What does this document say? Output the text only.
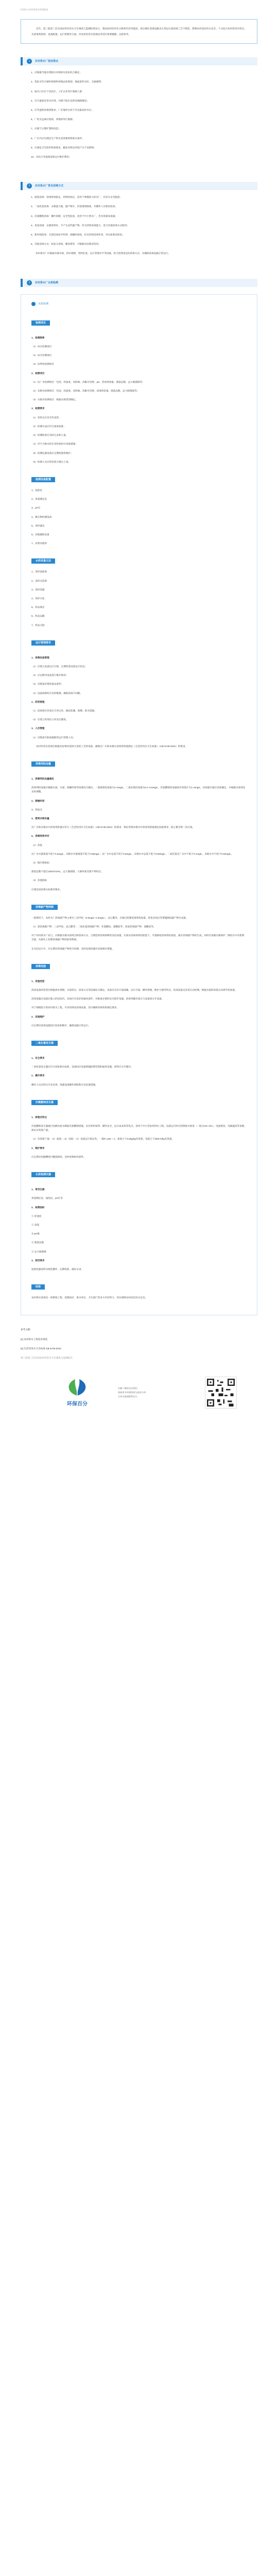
饮用水 | 农村饮用水消毒技术

近年，第三轮第三次全国农村饮用水卫生调查与监测结果显示，我国农村饮用水合格率仍有待提高，部分地区消毒设施未正常运行或消毒工艺不规范，影响农村居民饮水安全。下文结合农村饮用水特点，从消毒剂选择、设备配置、运行管理等方面，对农村饮用水消毒技术进行简要梳理，以供参考。

1	农村供水厂选址要点

1、应根据当地水资源分布和供水需求综合确定；

2、选址应符合城乡规划和村镇总体规划，地质条件良好，交通便利；

3、取水口应位于居民区、工矿企业等污染源上游；

4、应尽量靠近用水区域，并便于取水及供电线路铺设；

5、应考虑防洪排涝要求，厂区地坪应高于历史最高洪水位；

6、厂址应远离垃圾场、养殖场等污染源；

7、应便于后期扩建和改造；

8、厂区内应有满足生产和生活需要的给排水条件；

9、应满足卫生防护距离要求，避免对周边环境产生不良影响；

10、应综合考虑建设和运行维护费用。

2	农村供水厂常见消毒方式

1、液氯消毒：消毒效果稳定，持续时间长，适用于规模较大的水厂，但存在安全隐患；

2、二氧化氯消毒：杀菌能力强，副产物少，但需现场制备，对操作人员要求较高；

3、次氯酸钠消毒：操作简便，安全性较高，适用于中小型水厂，但有效氯易衰减；

4、臭氧消毒：杀菌效果好，不产生卤代副产物，但无持续消毒能力，需与其他消毒方式联用；

5、紫外线消毒：无需投加化学药剂，接触时间短，但无持续消毒作用，对水质要求较高；

6、其他消毒方式：如复合消毒、膜处理等，可根据实际情况选用。

农村供水厂应根据水源水质、供水规模、管网长度、运行管理水平等因素，综合选择适宜的消毒方式，并确保消毒设施正常运行。

3	农村供水厂水质检测
水质检测
检测项目

1、检测频率

（1）每日检测项目

（2）每月检测项目

（3）每季度检测项目

2、检测项目

（1）出厂水检测项目：色度、浑浊度、臭和味、肉眼可见物、pH、消毒剂余量、菌落总数、总大肠菌群等；

（2）末梢水检测项目：色度、浑浊度、臭和味、肉眼可见物、消毒剂余量、菌落总数、总大肠菌群等；

（3）水源水检测项目：根据水源类型确定。

3、检测要求

（1）采样点应具有代表性；

（2）检测方法应符合国家标准；

（3）检测结果应及时记录和上报；

（4）对不合格水样应及时复检并采取措施；

（5）检测仪器设备应定期校准和维护；

（6）检测人员应经培训合格后上岗。

检测设备配置

1、浊度仪

2、余氯测定仪

3、pH计

4、微生物检测设备

5、采样器具

6、其他辅助设备

7、试剂及耗材

水样采集方法

1、采样前准备

2、采样点选择

3、采样容器

4、采样方法

5、样品保存

6、样品运输

7、样品交接

运行管理要求

1、消毒设备管理

（1）应建立设备运行台账，定期检查设备运行状态；

（2）应定期对设备进行维护保养；

（3）应配备必要的备品备件；

（4）设备故障时应及时维修，确保消毒不间断。

2、药剂管理

（1）消毒剂应存放在专用仓库，做好防潮、防晒、防火措施；

（2）应建立药剂出入库登记制度。

3、人员管理

（1）应配备专职或兼职的运行管理人员；

农村饮用水消毒应根据实际情况选择合适的工艺和设备，确保出厂水和末梢水消毒剂余量满足《生活饮用水卫生标准》（GB 5749-2022）的要求。

消毒剂投加量

1、消毒剂投加量确定

消毒剂投加量应根据水质、水量、接触时间等因素综合确定，一般液氯投加量为1~2mg/L，二氧化氯投加量为0.1~0.5mg/L，次氯酸钠投加量按有效氯计为1~2mg/L。投加量应通过试验确定，并根据水质变化及时调整。

2、接触时间

3、投加点

4、管网末梢余量

出厂水和末梢水中消毒剂余量应符合《生活饮用水卫生标准》（GB 5749-2022）的要求，保证管网末梢水中消毒剂余量满足标准要求，防止微生物二次污染。

5、消毒效果评价

（1）余氯

出厂水中游离氯不低于0.3mg/L，末梢水中游离氯不低于0.05mg/L；出厂水中总氯不低于0.5mg/L，末梢水中总氯不低于0.05mg/L；二氧化氯出厂水中不低于0.1mg/L，末梢水中不低于0.02mg/L。

（2）微生物指标

菌落总数不超过100CFU/mL，总大肠菌群、大肠埃希氏菌不得检出。

（3）其他指标

应满足国家相关标准的要求。

消毒副产物控制

一般情况下，农村水厂消毒副产物主要为三卤甲烷（0.5mg/L~1.0mg/L）、卤乙酸等，应通过控制消毒剂投加量、优化投加点等措施降低副产物生成量。

（1）氯消毒副产物：三卤甲烷、卤乙酸等；二氧化氯消毒副产物：亚氯酸盐、氯酸盐等；臭氧消毒副产物：溴酸盐等。

对于农村供水厂而言，应根据水源水质特点和消毒方式，合理选择消毒剂种类及投加量。在保证消毒效果的前提下，尽量降低消毒剂投加量，减少消毒副产物的生成。同时应加强水源保护，降低水中有机物含量，从源头上控制消毒副产物的前体物质。

在实际运行中，应定期对消毒副产物进行检测，及时发现问题并采取相应措施。

消毒设施

1、设施选型

消毒设备的选型应根据供水规模、水质特点、消毒方式等因素综合确定，设备应具有计量准确、运行可靠、操作简便、维护方便等特点。投加设备宜采用自动控制，根据水量和余氯自动调节投加量。

消毒设施应设置在独立的房间内，房间应有良好的通风条件，并配备必要的安全防护设施。消毒剂储存间应与设备间分开设置。

对于规模较小的农村供水工程，可采用简易消毒设备，但应确保消毒效果满足要求。

2、设施维护

应定期对消毒设施进行检查和维护，确保设施正常运行。

二氧化氯发生器

1、安全要求

二氧化氯发生器应符合国家相关标准，设备间应设置泄漏报警装置和通风设施，原料应分开储存。

2、操作要求

操作人员应经过专业培训，熟悉设备操作规程和应急处置措施。

次氯酸钠发生器

1、原理及特点

次氯酸钠发生器通过电解食盐水制取次氯酸钠溶液，具有原料易得、操作安全、运行成本低等优点，适用于中小型农村供水工程。设备运行时应控制盐水浓度（一般为3%~4%）、电流密度、电解温度等参数，保证有效氯产量。

（1）有效氯产量；（2）盐耗；（3）电耗；（4）设备运行稳定性。一般P=100 ~ 1，盐耗小于3.5kg/kg有效氯，电耗小于4kW·h/kg有效氯。

2、维护要求

应定期对电解槽进行酸洗除垢，及时更换损坏部件。

水质检测仪器

1、常用仪器

余氯测定仪、浊度仪、pH计等

2、检测指标

① 浑浊度

② 余氯

③ pH值

④ 菌落总数

⑤ 总大肠菌群

3、使用要求

按照仪器说明书规范操作，定期校准，做好记录。

结语

农村供水消毒是一项系统工程，需要政府、供水单位、卫生部门等多方共同努力，切实保障农村居民饮水安全。

参考文献：

[1] 农村供水工程技术规范

[2] 生活饮用水卫生标准 GB 5749-2022

第三轮第三次全国农村饮用水卫生调查与监测报告

环保百分

扫描二维码关注我们

获取更多环保资讯与技术分享

合作交流请联系后台
